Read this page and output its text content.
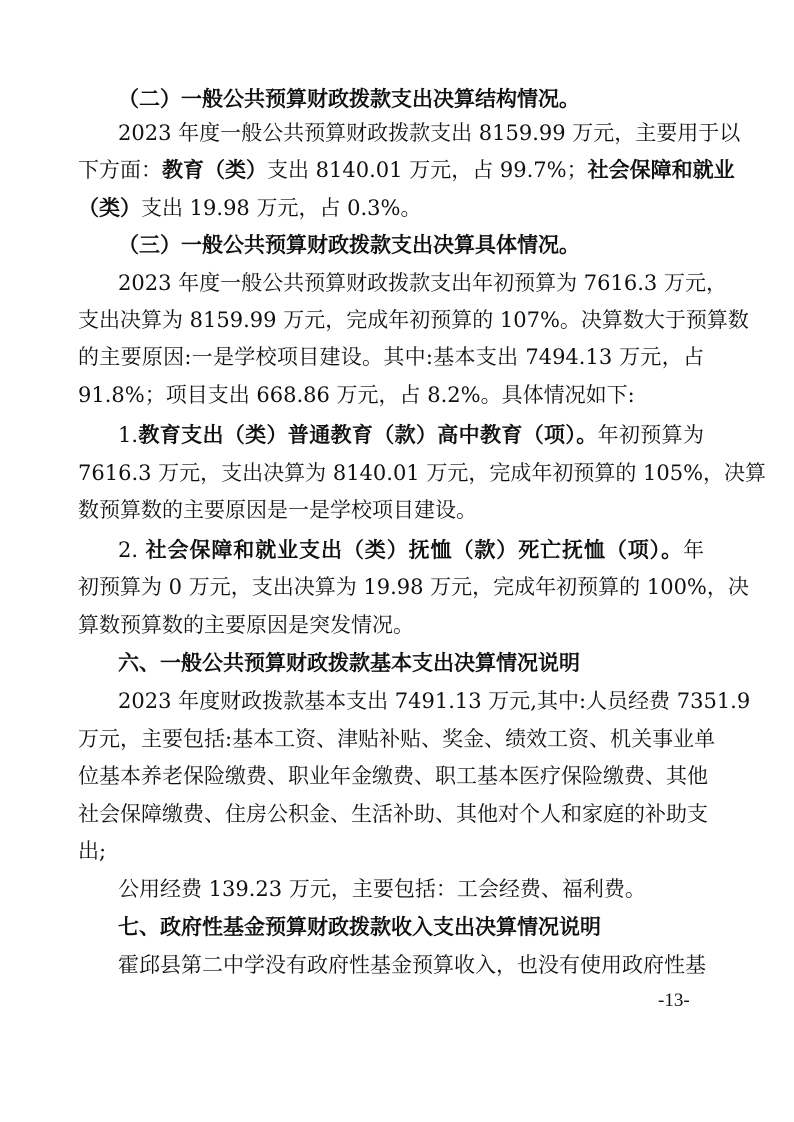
（二）一般公共预算财政拨款支出决算结构情况。
2023 年度一般公共预算财政拨款支出 8159.99 万元，主要用于以
下方面：教育（类）支出 8140.01 万元，占 99.7%；社会保障和就业
（类）支出 19.98 万元，占 0.3%。
（三）一般公共预算财政拨款支出决算具体情况。
2023 年度一般公共预算财政拨款支出年初预算为 7616.3 万元，
支出决算为 8159.99 万元，完成年初预算的 107%。决算数大于预算数
的主要原因:一是学校项目建设。其中:基本支出 7494.13 万元，占
91.8%；项目支出 668.86 万元，占 8.2%。具体情况如下:
1.教育支出（类）普通教育（款）高中教育（项）。年初预算为
7616.3 万元，支出决算为 8140.01 万元，完成年初预算的 105%，决算
数预算数的主要原因是一是学校项目建设。
2. 社会保障和就业支出（类）抚恤（款）死亡抚恤（项）。年
初预算为 0 万元，支出决算为 19.98 万元，完成年初预算的 100%，决
算数预算数的主要原因是突发情况。
六、一般公共预算财政拨款基本支出决算情况说明
2023 年度财政拨款基本支出 7491.13 万元,其中:人员经费 7351.9
万元，主要包括:基本工资、津贴补贴、奖金、绩效工资、机关事业单
位基本养老保险缴费、职业年金缴费、职工基本医疗保险缴费、其他
社会保障缴费、住房公积金、生活补助、其他对个人和家庭的补助支
出;
公用经费 139.23 万元，主要包括：工会经费、福利费。
七、政府性基金预算财政拨款收入支出决算情况说明
霍邱县第二中学没有政府性基金预算收入，也没有使用政府性基
-13-
